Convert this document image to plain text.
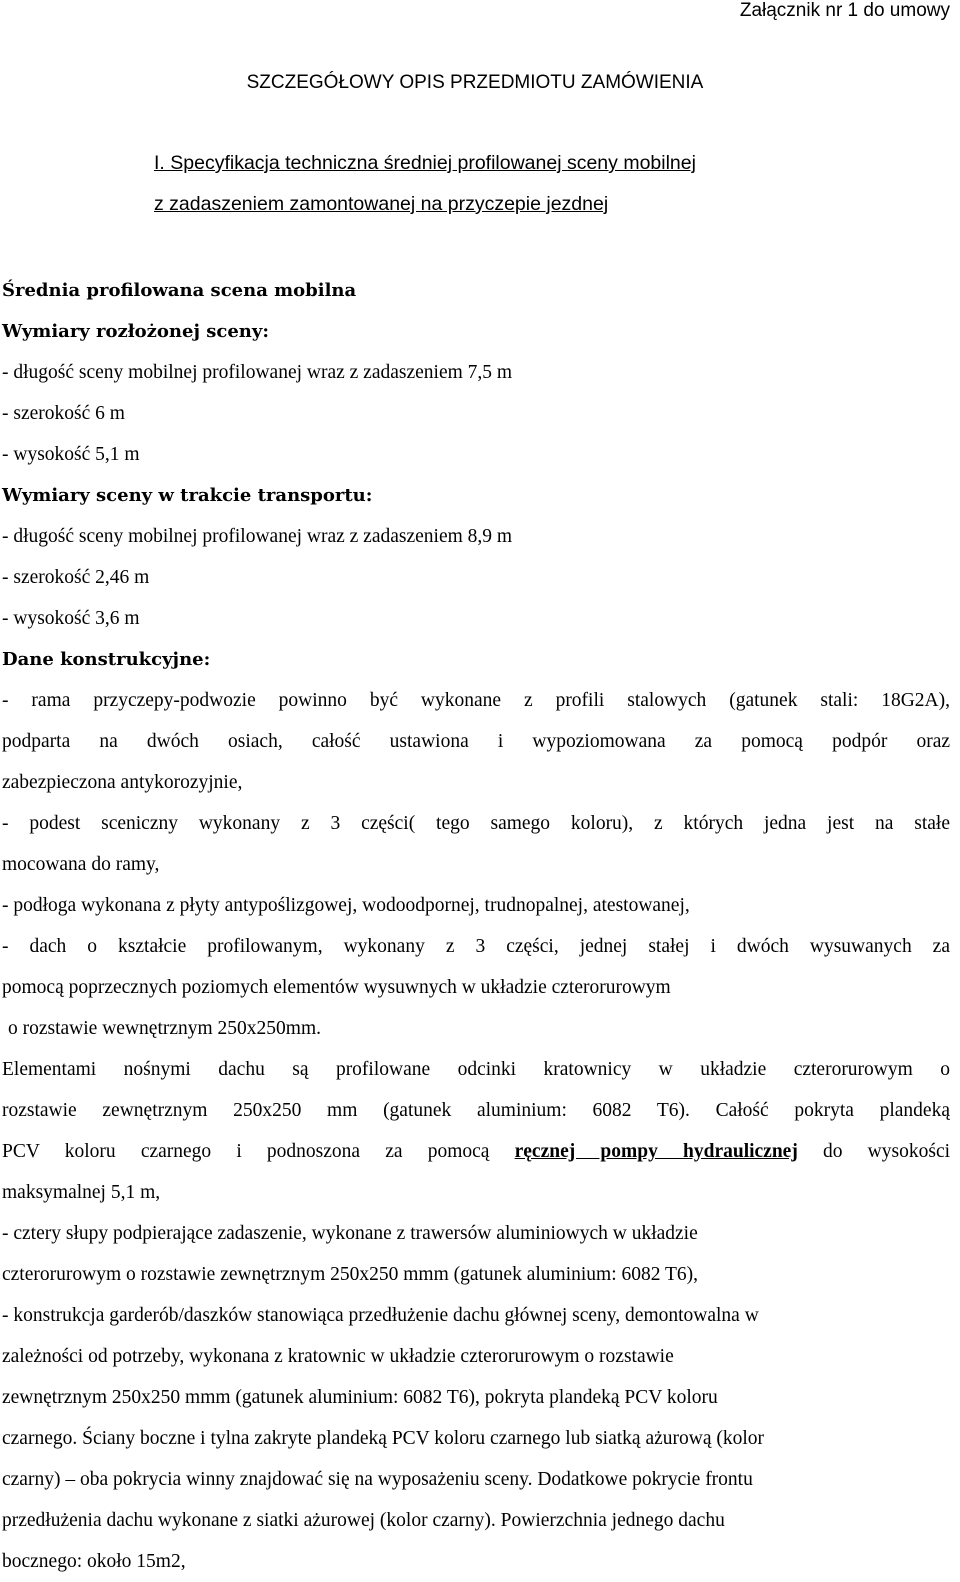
Załącznik nr 1 do umowy
SZCZEGÓŁOWY OPIS PRZEDMIOTU ZAMÓWIENIA
I. Specyfikacja techniczna średniej profilowanej sceny mobilnej
z zadaszeniem zamontowanej na przyczepie jezdnej
Średnia profilowana scena mobilna
Wymiary rozłożonej sceny:
- długość sceny mobilnej profilowanej wraz z zadaszeniem 7,5 m
- szerokość 6 m
- wysokość 5,1 m
Wymiary sceny w trakcie transportu:
- długość sceny mobilnej profilowanej wraz z zadaszeniem 8,9 m
- szerokość 2,46 m
- wysokość 3,6 m
Dane konstrukcyjne:
- rama przyczepy-podwozie powinno być wykonane z profili stalowych (gatunek stali: 18G2A),
podparta na dwóch osiach, całość ustawiona i wypoziomowana za pomocą podpór oraz
zabezpieczona antykorozyjnie,
- podest sceniczny wykonany z 3 części( tego samego koloru), z których jedna jest na stałe
mocowana do ramy,
- podłoga wykonana z płyty antypoślizgowej, wodoodpornej, trudnopalnej, atestowanej,
- dach o kształcie profilowanym, wykonany z 3 części, jednej stałej i dwóch wysuwanych za
pomocą poprzecznych poziomych elementów wysuwnych w układzie czterorurowym
o rozstawie wewnętrznym 250x250mm.
Elementami nośnymi dachu są profilowane odcinki kratownicy w układzie czterorurowym o
rozstawie zewnętrznym 250x250 mm (gatunek aluminium: 6082 T6). Całość pokryta plandeką
PCV koloru czarnego i podnoszona za pomocą ręcznej pompy hydraulicznej do wysokości
maksymalnej 5,1 m,
- cztery słupy podpierające zadaszenie, wykonane z trawersów aluminiowych w układzie
czterorurowym o rozstawie zewnętrznym 250x250 mmm (gatunek aluminium: 6082 T6),
- konstrukcja garderób/daszków stanowiąca przedłużenie dachu głównej sceny, demontowalna w
zależności od potrzeby, wykonana z kratownic w układzie czterorurowym o rozstawie
zewnętrznym 250x250 mmm (gatunek aluminium: 6082 T6), pokryta plandeką PCV koloru
czarnego. Ściany boczne i tylna zakryte plandeką PCV koloru czarnego lub siatką ażurową (kolor
czarny) – oba pokrycia winny znajdować się na wyposażeniu sceny. Dodatkowe pokrycie frontu
przedłużenia dachu wykonane z siatki ażurowej (kolor czarny). Powierzchnia jednego dachu
bocznego: około 15m2,
